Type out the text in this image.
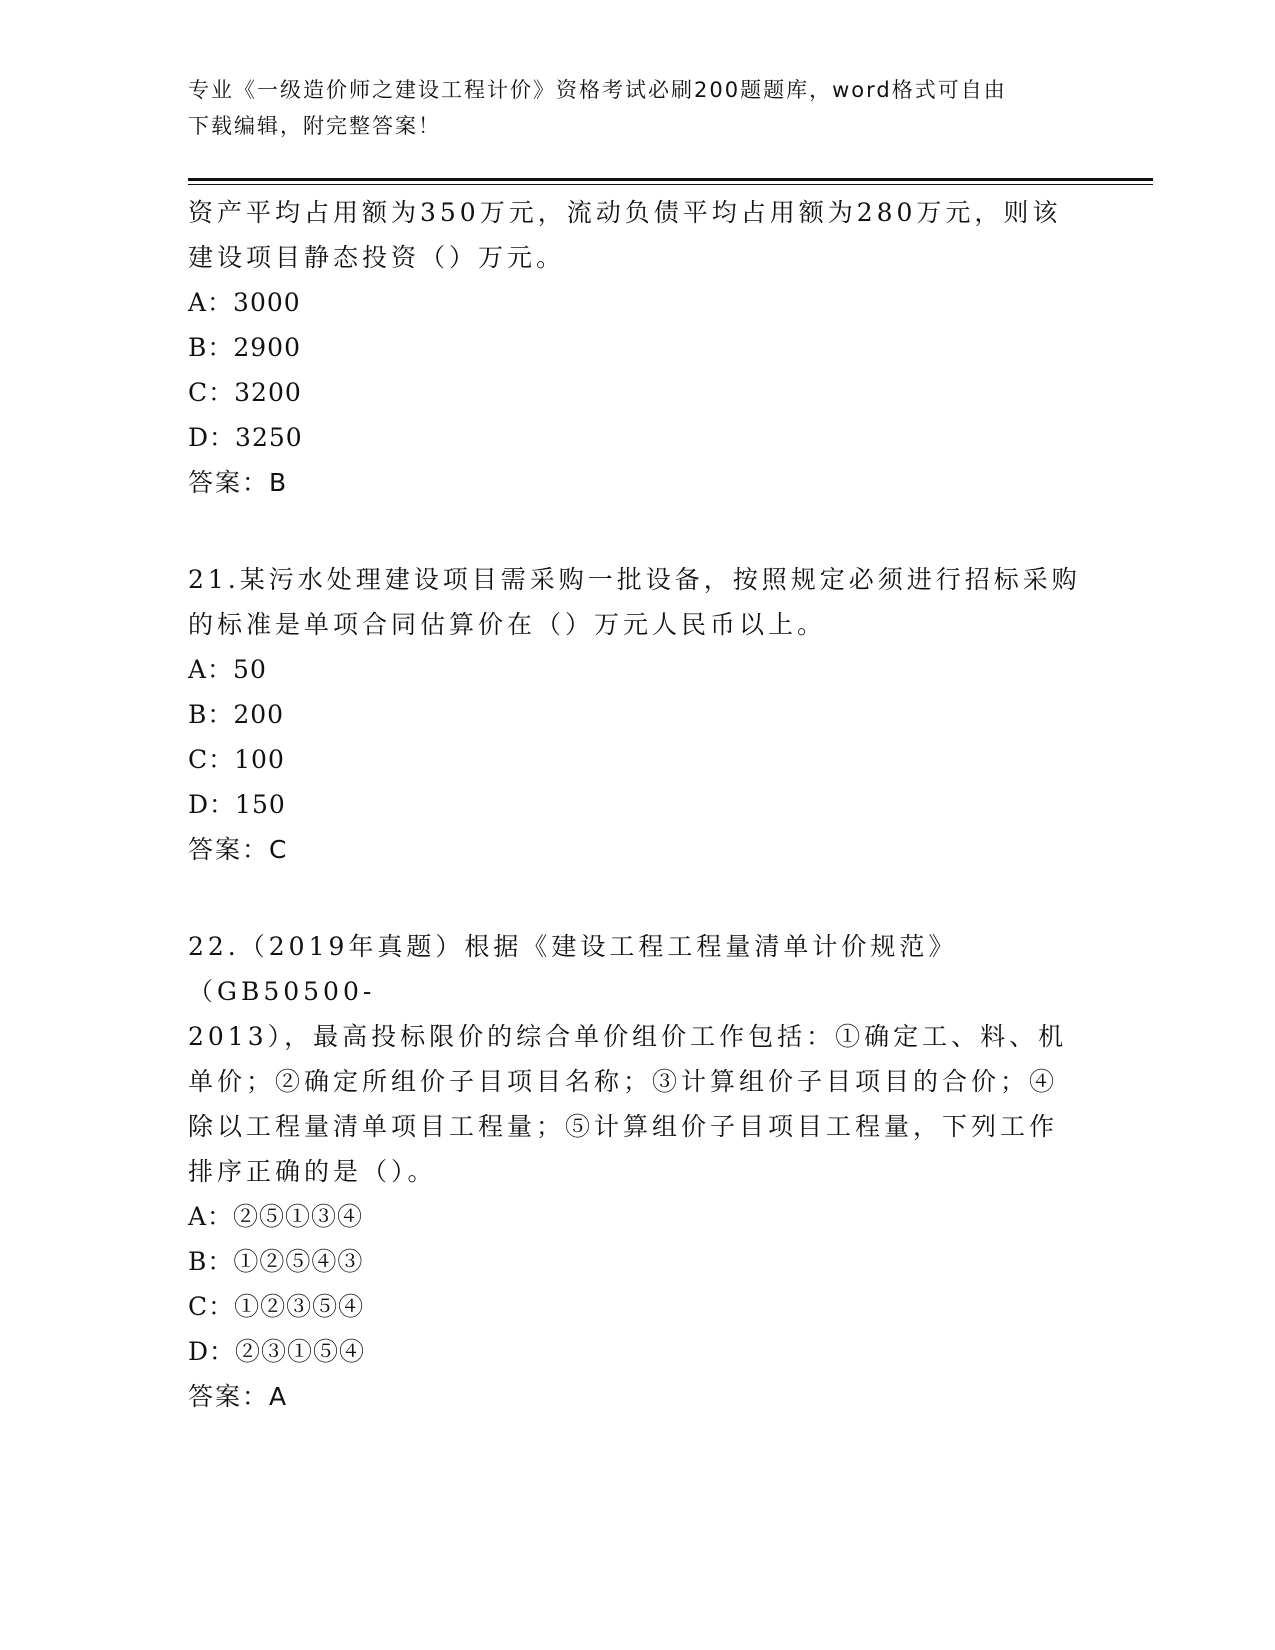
专业《一级造价师之建设工程计价》资格考试必刷200题题库，word格式可自由
下载编辑，附完整答案！

资产平均占用额为350万元，流动负债平均占用额为280万元，则该

建设项目静态投资（）万元。

A：3000

B：2900

C：3200

D：3250

答案：B

21.某污水处理建设项目需采购一批设备，按照规定必须进行招标采购

的标准是单项合同估算价在（）万元人民币以上。

A：50

B：200

C：100

D：150

答案：C

22.（2019年真题）根据《建设工程工程量清单计价规范》（GB50500-

2013），最高投标限价的综合单价组价工作包括：①确定工、料、机

单价；②确定所组价子目项目名称；③计算组价子目项目的合价；④

除以工程量清单项目工程量；⑤计算组价子目项目工程量，下列工作

排序正确的是（）。

A：②⑤①③④

B：①②⑤④③

C：①②③⑤④

D：②③①⑤④

答案：A
